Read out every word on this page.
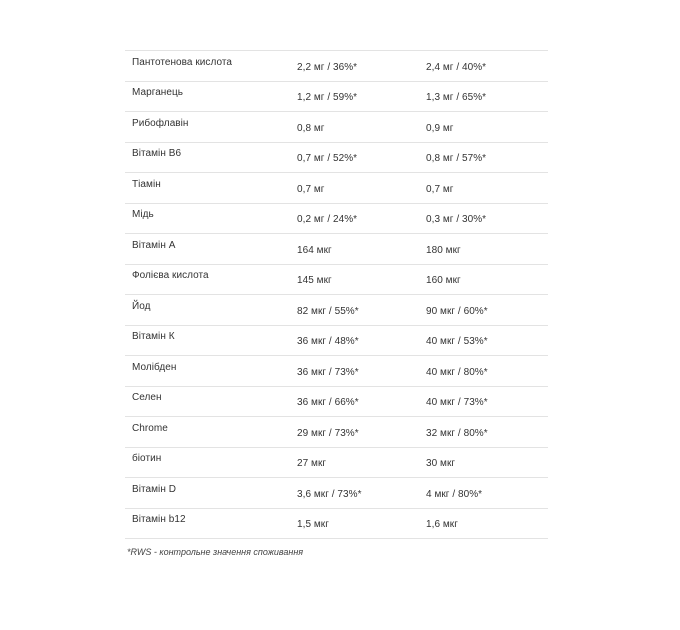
Пантотенова кислота	2,2 мг / 36%*	2,4 мг / 40%*
Марганець	1,2 мг / 59%*	1,3 мг / 65%*
Рибофлавін	0,8 мг	0,9 мг
Вітамін B6	0,7 мг / 52%*	0,8 мг / 57%*
Тіамін	0,7 мг	0,7 мг
Мідь	0,2 мг / 24%*	0,3 мг / 30%*
Вітамін А	164 мкг	180 мкг
Фолієва кислота	145 мкг	160 мкг
Йод	82 мкг / 55%*	90 мкг / 60%*
Вітамін К	36 мкг / 48%*	40 мкг / 53%*
Молібден	36 мкг / 73%*	40 мкг / 80%*
Селен	36 мкг / 66%*	40 мкг / 73%*
Chrome	29 мкг / 73%*	32 мкг / 80%*
біотин	27 мкг	30 мкг
Вітамін D	3,6 мкг / 73%*	4 мкг / 80%*
Вітамін b12	1,5 мкг	1,6 мкг
*RWS - контрольне значення споживання
